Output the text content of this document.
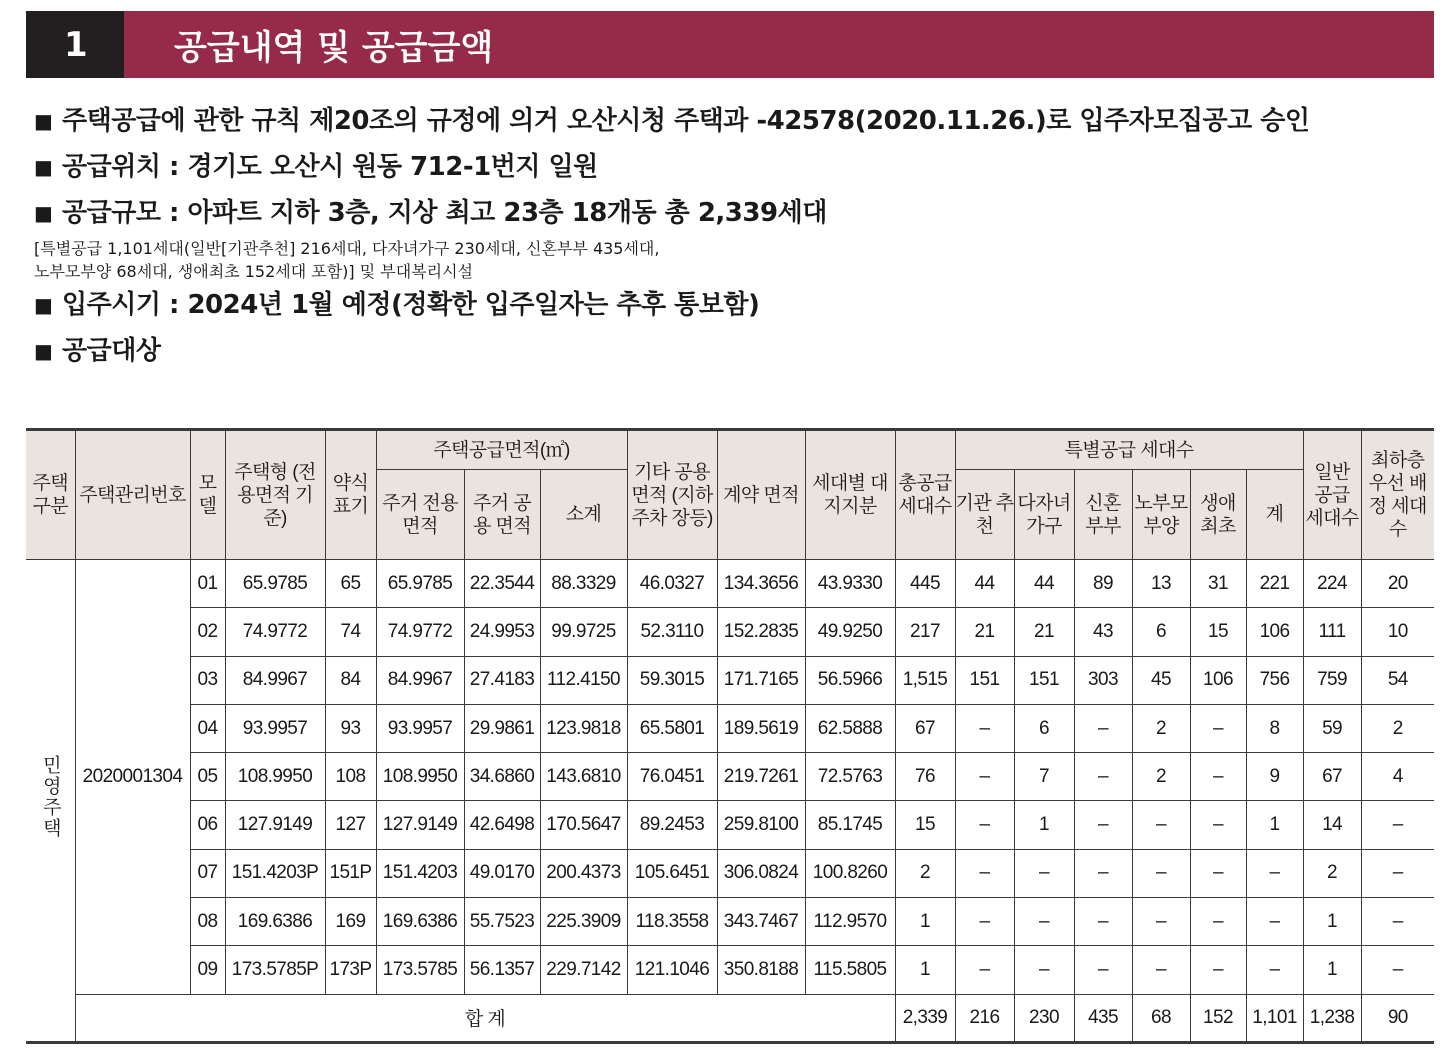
1	공급내역 및 공급금액
■ 주택공급에 관한 규칙 제20조의 규정에 의거 오산시청 주택과 -42578(2020.11.26.)로 입주자모집공고 승인
■ 공급위치 : 경기도 오산시 원동 712-1번지 일원
■ 공급규모 : 아파트 지하 3층, 지상 최고 23층 18개동 총 2,339세대
[특별공급 1,101세대(일반[기관추천] 216세대, 다자녀가구 230세대, 신혼부부 435세대,
노부모부양 68세대, 생애최초 152세대 포함)] 및 부대복리시설
■ 입주시기 : 2024년 1월 예정(정확한 입주일자는 추후 통보함)
■ 공급대상
주택 구분	주택관리번호	모델	주택형 (전용면적 기준)	약식 표기	주택공급면적(㎡)			기타 공용면적 (지하주차 장등)	계약 면적	세대별 대지지분	총공급 세대수	특별공급 세대수						일반 공급 세대수	최하층 우선 배정 세대수
					주거 전용 면적	주거 공용 면적	소계					기관 추천	다자녀 가구	신혼 부부	노부모 부양	생애 최초	계		
민영주택	2020001304	01	65.9785	65	65.9785	22.3544	88.3329	46.0327	134.3656	43.9330	445	44	44	89	13	31	221	224	20
		02	74.9772	74	74.9772	24.9953	99.9725	52.3110	152.2835	49.9250	217	21	21	43	6	15	106	111	10
		03	84.9967	84	84.9967	27.4183	112.4150	59.3015	171.7165	56.5966	1,515	151	151	303	45	106	756	759	54
		04	93.9957	93	93.9957	29.9861	123.9818	65.5801	189.5619	62.5888	67	–	6	–	2	–	8	59	2
		05	108.9950	108	108.9950	34.6860	143.6810	76.0451	219.7261	72.5763	76	–	7	–	2	–	9	67	4
		06	127.9149	127	127.9149	42.6498	170.5647	89.2453	259.8100	85.1745	15	–	1	–	–	–	1	14	–
		07	151.4203P	151P	151.4203	49.0170	200.4373	105.6451	306.0824	100.8260	2	–	–	–	–	–	–	2	–
		08	169.6386	169	169.6386	55.7523	225.3909	118.3558	343.7467	112.9570	1	–	–	–	–	–	–	1	–
		09	173.5785P	173P	173.5785	56.1357	229.7142	121.1046	350.8188	115.5805	1	–	–	–	–	–	–	1	–
	합 계										2,339	216	230	435	68	152	1,101	1,238	90
